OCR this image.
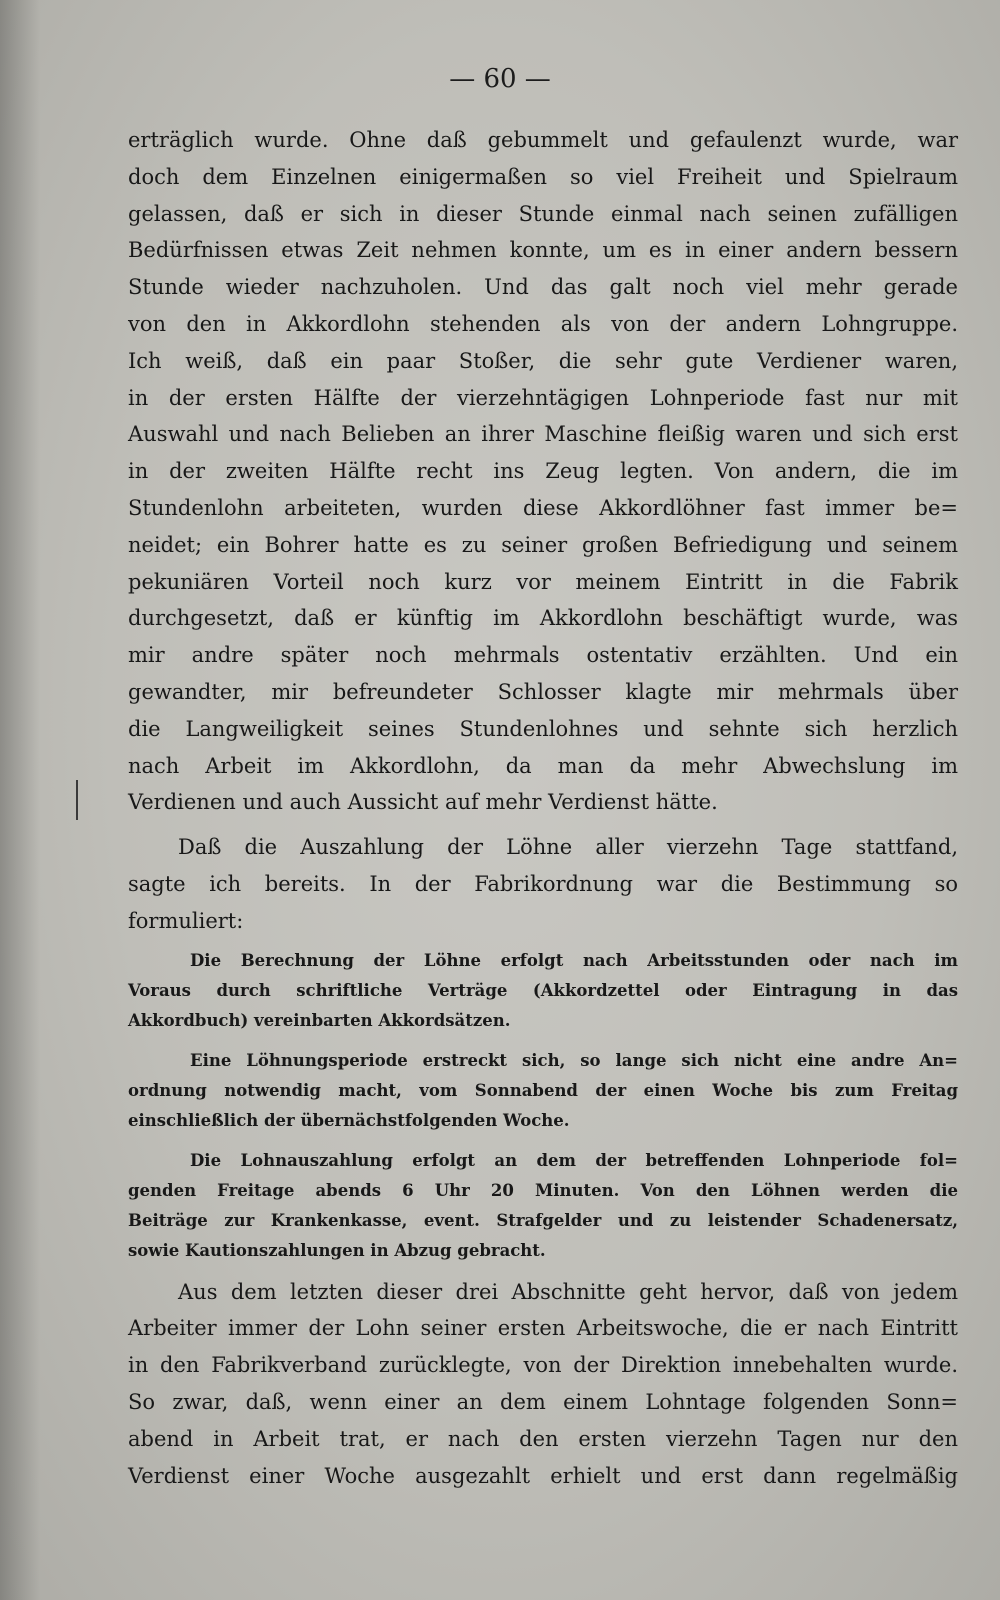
— 60 —
erträglich wurde. Ohne daß gebummelt und gefaulenzt wurde, war
doch dem Einzelnen einigermaßen so viel Freiheit und Spielraum
gelassen, daß er sich in dieser Stunde einmal nach seinen zufälligen
Bedürfnissen etwas Zeit nehmen konnte, um es in einer andern bessern
Stunde wieder nachzuholen. Und das galt noch viel mehr gerade
von den in Akkordlohn stehenden als von der andern Lohngruppe.
Ich weiß, daß ein paar Stoßer, die sehr gute Verdiener waren,
in der ersten Hälfte der vierzehntägigen Lohnperiode fast nur mit
Auswahl und nach Belieben an ihrer Maschine fleißig waren und sich erst
in der zweiten Hälfte recht ins Zeug legten. Von andern, die im
Stundenlohn arbeiteten, wurden diese Akkordlöhner fast immer be=
neidet; ein Bohrer hatte es zu seiner großen Befriedigung und seinem
pekuniären Vorteil noch kurz vor meinem Eintritt in die Fabrik
durchgesetzt, daß er künftig im Akkordlohn beschäftigt wurde, was
mir andre später noch mehrmals ostentativ erzählten. Und ein
gewandter, mir befreundeter Schlosser klagte mir mehrmals über
die Langweiligkeit seines Stundenlohnes und sehnte sich herzlich
nach Arbeit im Akkordlohn, da man da mehr Abwechslung im
Verdienen und auch Aussicht auf mehr Verdienst hätte.
Daß die Auszahlung der Löhne aller vierzehn Tage stattfand,
sagte ich bereits. In der Fabrikordnung war die Bestimmung so
formuliert:
Die Berechnung der Löhne erfolgt nach Arbeitsstunden oder nach im
Voraus durch schriftliche Verträge (Akkordzettel oder Eintragung in das
Akkordbuch) vereinbarten Akkordsätzen.
Eine Löhnungsperiode erstreckt sich, so lange sich nicht eine andre An=
ordnung notwendig macht, vom Sonnabend der einen Woche bis zum Freitag
einschließlich der übernächstfolgenden Woche.
Die Lohnauszahlung erfolgt an dem der betreffenden Lohnperiode fol=
genden Freitage abends 6 Uhr 20 Minuten. Von den Löhnen werden die
Beiträge zur Krankenkasse, event. Strafgelder und zu leistender Schadenersatz,
sowie Kautionszahlungen in Abzug gebracht.
Aus dem letzten dieser drei Abschnitte geht hervor, daß von jedem
Arbeiter immer der Lohn seiner ersten Arbeitswoche, die er nach Eintritt
in den Fabrikverband zurücklegte, von der Direktion innebehalten wurde.
So zwar, daß, wenn einer an dem einem Lohntage folgenden Sonn=
abend in Arbeit trat, er nach den ersten vierzehn Tagen nur den
Verdienst einer Woche ausgezahlt erhielt und erst dann regelmäßig
